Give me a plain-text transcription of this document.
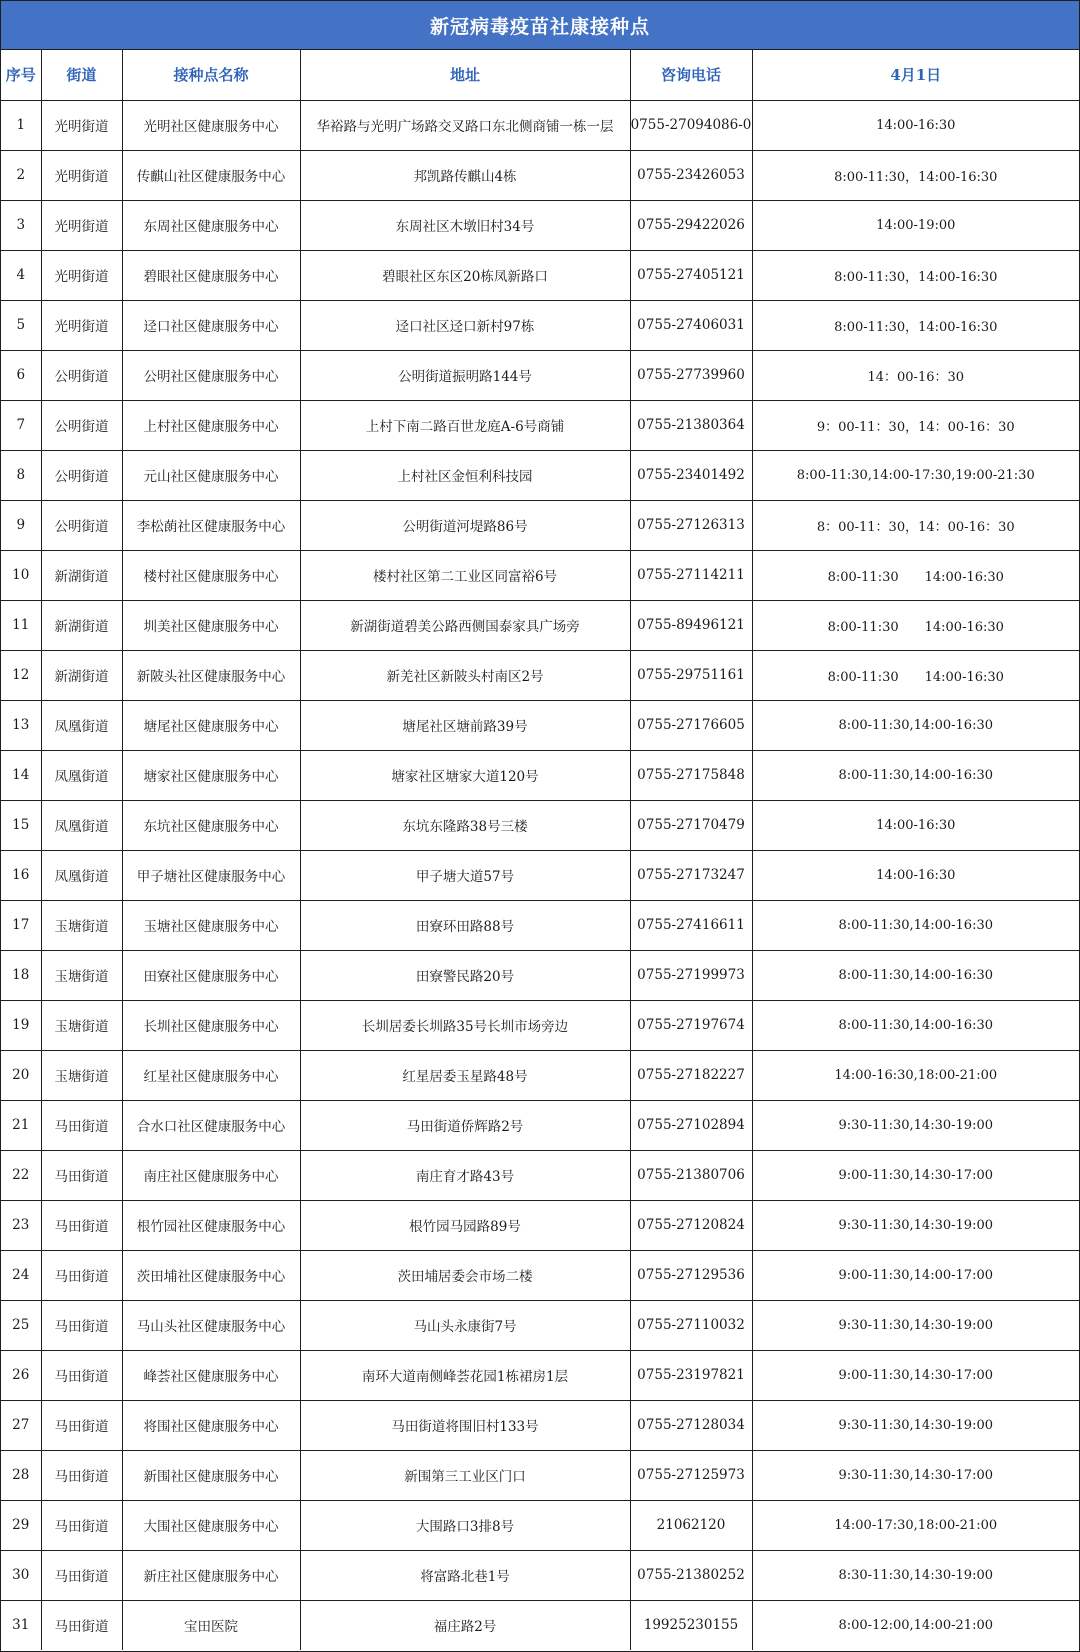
新冠病毒疫苗社康接种点
序号	街道	接种点名称	地址	咨询电话	4月1日
1	光明街道	光明社区健康服务中心	华裕路与光明广场路交叉路口东北侧商铺一栋一层	0755-27094086-0	14:00-16:30
2	光明街道	传麒山社区健康服务中心	邦凯路传麒山4栋	0755-23426053	8:00-11:30，14:00-16:30
3	光明街道	东周社区健康服务中心	东周社区木墩旧村34号	0755-29422026	14:00-19:00
4	光明街道	碧眼社区健康服务中心	碧眼社区东区20栋凤新路口	0755-27405121	8:00-11:30，14:00-16:30
5	光明街道	迳口社区健康服务中心	迳口社区迳口新村97栋	0755-27406031	8:00-11:30，14:00-16:30
6	公明街道	公明社区健康服务中心	公明街道振明路144号	0755-27739960	14：00-16：30
7	公明街道	上村社区健康服务中心	上村下南二路百世龙庭A-6号商铺	0755-21380364	9：00-11：30，14：00-16：30
8	公明街道	元山社区健康服务中心	上村社区金恒利科技园	0755-23401492	8:00-11:30,14:00-17:30,19:00-21:30
9	公明街道	李松蓢社区健康服务中心	公明街道河堤路86号	0755-27126313	8：00-11：30，14：00-16：30
10	新湖街道	楼村社区健康服务中心	楼村社区第二工业区同富裕6号	0755-27114211	8:00-11:30　　14:00-16:30
11	新湖街道	圳美社区健康服务中心	新湖街道碧美公路西侧国泰家具广场旁	0755-89496121	8:00-11:30　　14:00-16:30
12	新湖街道	新陂头社区健康服务中心	新羌社区新陂头村南区2号	0755-29751161	8:00-11:30　　14:00-16:30
13	凤凰街道	塘尾社区健康服务中心	塘尾社区塘前路39号	0755-27176605	8:00-11:30,14:00-16:30
14	凤凰街道	塘家社区健康服务中心	塘家社区塘家大道120号	0755-27175848	8:00-11:30,14:00-16:30
15	凤凰街道	东坑社区健康服务中心	东坑东隆路38号三楼	0755-27170479	14:00-16:30
16	凤凰街道	甲子塘社区健康服务中心	甲子塘大道57号	0755-27173247	14:00-16:30
17	玉塘街道	玉塘社区健康服务中心	田寮环田路88号	0755-27416611	8:00-11:30,14:00-16:30
18	玉塘街道	田寮社区健康服务中心	田寮警民路20号	0755-27199973	8:00-11:30,14:00-16:30
19	玉塘街道	长圳社区健康服务中心	长圳居委长圳路35号长圳市场旁边	0755-27197674	8:00-11:30,14:00-16:30
20	玉塘街道	红星社区健康服务中心	红星居委玉星路48号	0755-27182227	14:00-16:30,18:00-21:00
21	马田街道	合水口社区健康服务中心	马田街道侨辉路2号	0755-27102894	9:30-11:30,14:30-19:00
22	马田街道	南庄社区健康服务中心	南庄育才路43号	0755-21380706	9:00-11:30,14:30-17:00
23	马田街道	根竹园社区健康服务中心	根竹园马园路89号	0755-27120824	9:30-11:30,14:30-19:00
24	马田街道	茨田埔社区健康服务中心	茨田埔居委会市场二楼	0755-27129536	9:00-11:30,14:00-17:00
25	马田街道	马山头社区健康服务中心	马山头永康街7号	0755-27110032	9:30-11:30,14:30-19:00
26	马田街道	峰荟社区健康服务中心	南环大道南侧峰荟花园1栋裙房1层	0755-23197821	9:00-11:30,14:30-17:00
27	马田街道	将围社区健康服务中心	马田街道将围旧村133号	0755-27128034	9:30-11:30,14:30-19:00
28	马田街道	新围社区健康服务中心	新围第三工业区门口	0755-27125973	9:30-11:30,14:30-17:00
29	马田街道	大围社区健康服务中心	大围路口3排8号	21062120	14:00-17:30,18:00-21:00
30	马田街道	新庄社区健康服务中心	将富路北巷1号	0755-21380252	8:30-11:30,14:30-19:00
31	马田街道	宝田医院	福庄路2号	19925230155	8:00-12:00,14:00-21:00
